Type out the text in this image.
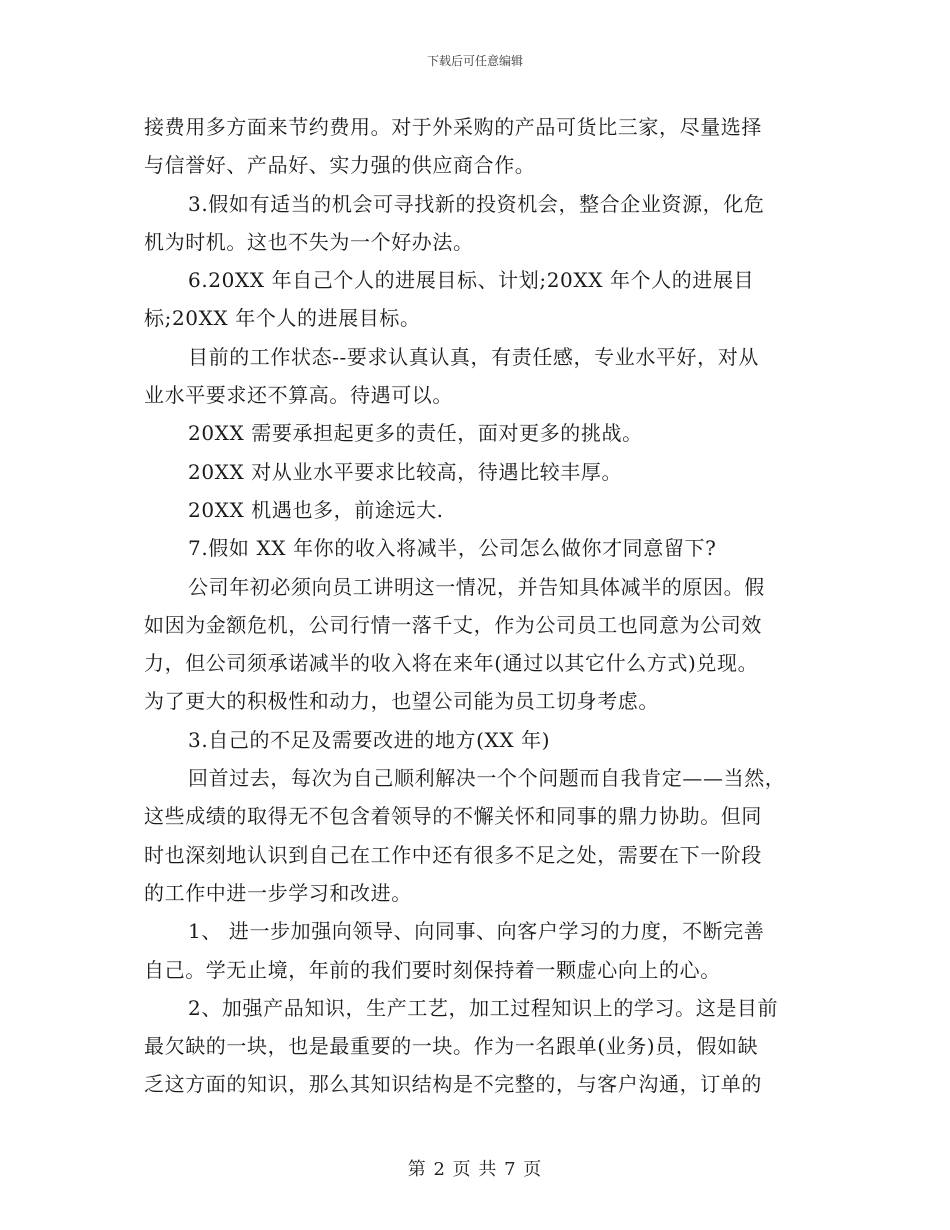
下载后可任意编辑
接费用多方面来节约费用。对于外采购的产品可货比三家，尽量选择
与信誉好、产品好、实力强的供应商合作。
3.假如有适当的机会可寻找新的投资机会，整合企业资源，化危
机为时机。这也不失为一个好办法。
6.20XX 年自己个人的进展目标、计划;20XX 年个人的进展目
标;20XX 年个人的进展目标。
目前的工作状态--要求认真认真，有责任感，专业水平好，对从
业水平要求还不算高。待遇可以。
20XX 需要承担起更多的责任，面对更多的挑战。
20XX 对从业水平要求比较高，待遇比较丰厚。
20XX 机遇也多，前途远大.
7.假如 XX 年你的收入将减半，公司怎么做你才同意留下?
公司年初必须向员工讲明这一情况，并告知具体减半的原因。假
如因为金额危机，公司行情一落千丈，作为公司员工也同意为公司效
力，但公司须承诺减半的收入将在来年(通过以其它什么方式)兑现。
为了更大的积极性和动力，也望公司能为员工切身考虑。
3.自己的不足及需要改进的地方(XX 年)
回首过去，每次为自己顺利解决一个个问题而自我肯定——当然，
这些成绩的取得无不包含着领导的不懈关怀和同事的鼎力协助。但同
时也深刻地认识到自己在工作中还有很多不足之处，需要在下一阶段
的工作中进一步学习和改进。
1、 进一步加强向领导、向同事、向客户学习的力度，不断完善
自己。学无止境，年前的我们要时刻保持着一颗虚心向上的心。
2、加强产品知识，生产工艺，加工过程知识上的学习。这是目前
最欠缺的一块，也是最重要的一块。作为一名跟单(业务)员，假如缺
乏这方面的知识，那么其知识结构是不完整的，与客户沟通，订单的
第 2 页 共 7 页
